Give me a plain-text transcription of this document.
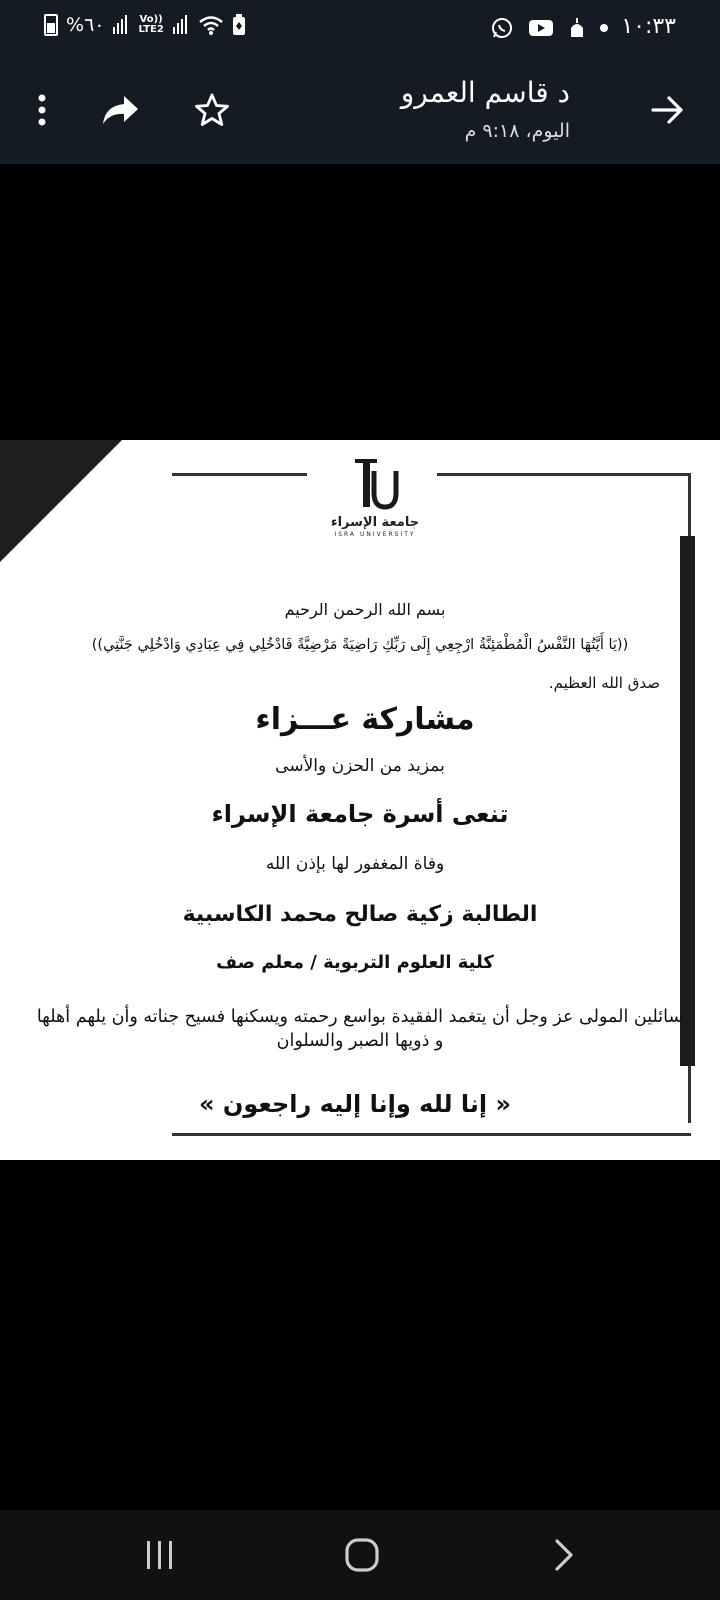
%٦٠	Vo))
LTE2	١٠:٣٣
د قاسم العمرو
اليوم، ٩:١٨ م
جامعة الإسراء
ISRA UNIVERSITY
بسم الله الرحمن الرحيم
((يَا أَيَّتُهَا النَّفْسُ الْمُطْمَئِنَّةُ ارْجِعِي إِلَى رَبِّكِ رَاضِيَةً مَرْضِيَّةً فَادْخُلِي فِي عِبَادِي وَادْخُلِي جَنَّتِي))
صدق الله العظيم.
مشاركة عـــزاء
بمزيد من الحزن والأسى
تنعى أسرة جامعة الإسراء
وفاة المغفور لها بإذن الله
الطالبة زكية صالح محمد الكاسبية
كلية العلوم التربوية / معلم صف
سائلين المولى عز وجل أن يتغمد الفقيدة بواسع رحمته ويسكنها فسيح جناته وأن يلهم أهلها و ذويها الصبر والسلوان
« إنا لله وإنا إليه راجعون »
